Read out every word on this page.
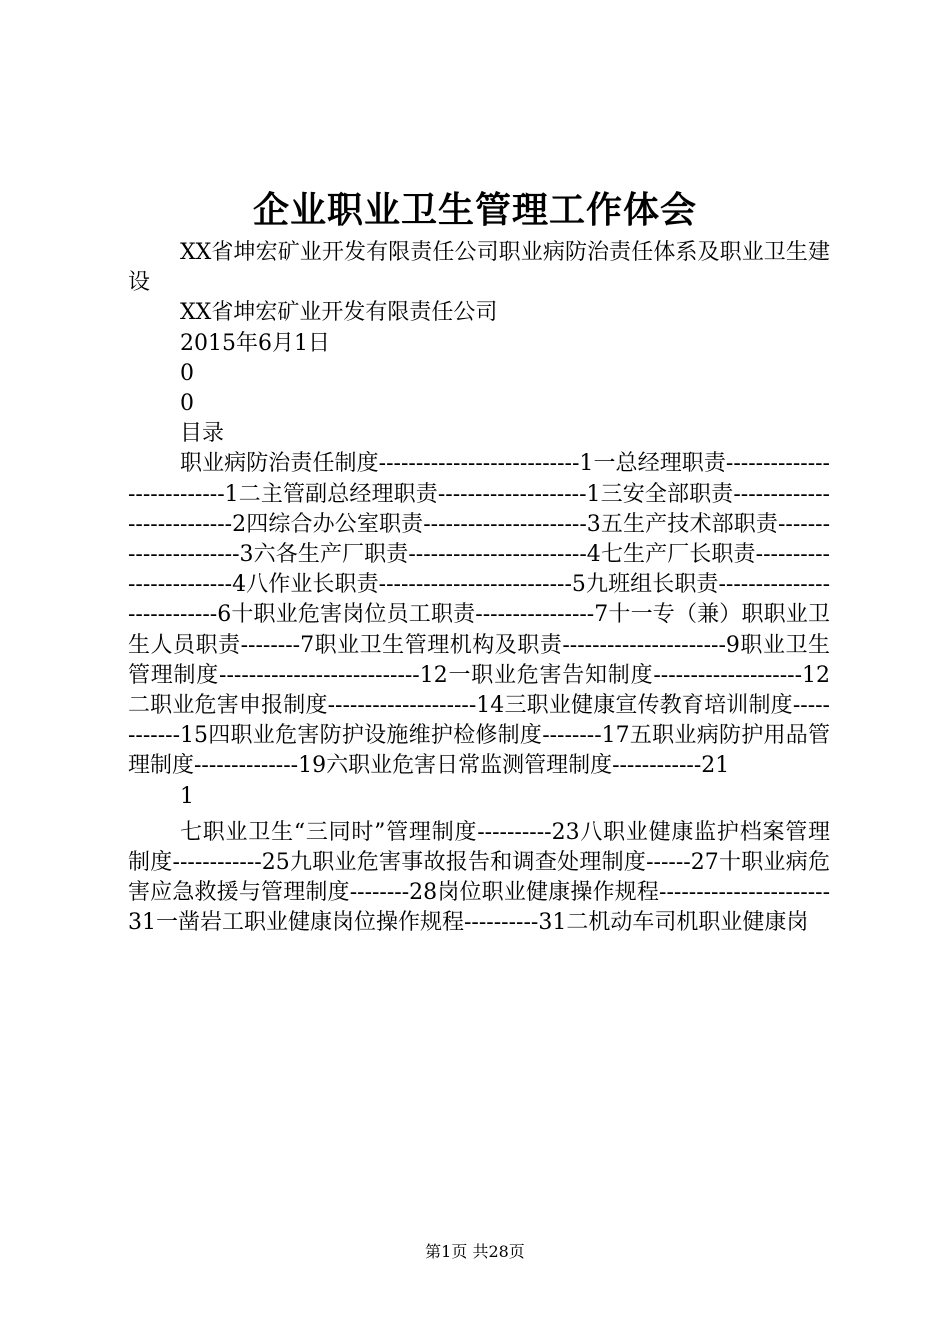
企业职业卫生管理工作体会

XX省坤宏矿业开发有限责任公司职业病防治责任体系及职业卫生建设

XX省坤宏矿业开发有限责任公司

2015年6月1日

0

0

目录

职业病防治责任制度---------------------------1一总经理职责---------------------------1二主管副总经理职责--------------------1三安全部职责---------------------------2四综合办公室职责----------------------3五生产技术部职责----------------------3六各生产厂职责------------------------4七生产厂长职责------------------------4八作业长职责--------------------------5九班组长职责---------------------------6十职业危害岗位员工职责----------------7十一专（兼）职职业卫生人员职责--------7职业卫生管理机构及职责----------------------9职业卫生管理制度---------------------------12一职业危害告知制度--------------------12二职业危害申报制度--------------------14三职业健康宣传教育培训制度------------15四职业危害防护设施维护检修制度--------17五职业病防护用品管理制度--------------19六职业危害日常监测管理制度------------21

1

七职业卫生“三同时”管理制度----------23八职业健康监护档案管理制度------------25九职业危害事故报告和调查处理制度------27十职业病危害应急救援与管理制度--------28岗位职业健康操作规程-----------------------31一凿岩工职业健康岗位操作规程----------31二机动车司机职业健康岗

第1页 共28页
